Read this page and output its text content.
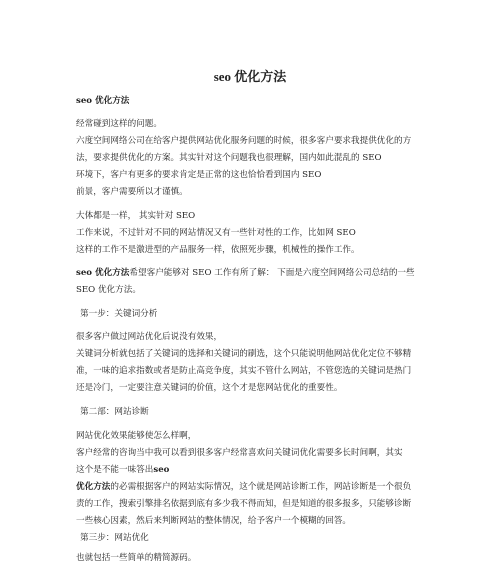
seo 优化方法
seo 优化方法
经常碰到这样的问题。
六度空间网络公司在给客户提供网站优化服务问题的时候，很多客户要求我提供优化的方
法，要求提供优化的方案。其实针对这个问题我也很理解，国内如此混乱的 SEO
环境下，客户有更多的要求肯定是正常的这也恰恰看到国内 SEO
前景，客户需要所以才谨慎。
大体都是一样， 其实针对 SEO
工作来说，不过针对不同的网站情况又有一些针对性的工作，比如网 SEO
这样的工作不是激进型的产品服务一样，依照死步骤，机械性的操作工作。
seo 优化方法希望客户能够对 SEO 工作有所了解： 下面是六度空间网络公司总结的一些
SEO 优化方法。
第一步：关键词分析
很多客户做过网站优化后说没有效果，
关键词分析就包括了关键词的选择和关键词的刷选，这个只能说明他网站优化定位不够精
准，一味的追求指数或者是防止高竞争度，其实不管什么网站，不管您选的关键词是热门
还是冷门，一定要注意关键词的价值，这个才是您网站优化的重要性。
第二部：网站诊断
网站优化效果能够使怎么样啊，
客户经常的咨询当中我可以看到很多客户经常喜欢问关键词优化需要多长时间啊，其实
这个是不能一味答出seo
优化方法的必需根据客户的网站实际情况，这个就是网站诊断工作，网站诊断是一个很负
责的工作，搜索引擎排名依据到底有多少我不得而知，但是知道的很多报多，只能够诊断
一些核心因素，然后来判断网站的整体情况，给予客户一个模糊的回答。
第三步：网站优化
也就包括一些简单的精简源码。
